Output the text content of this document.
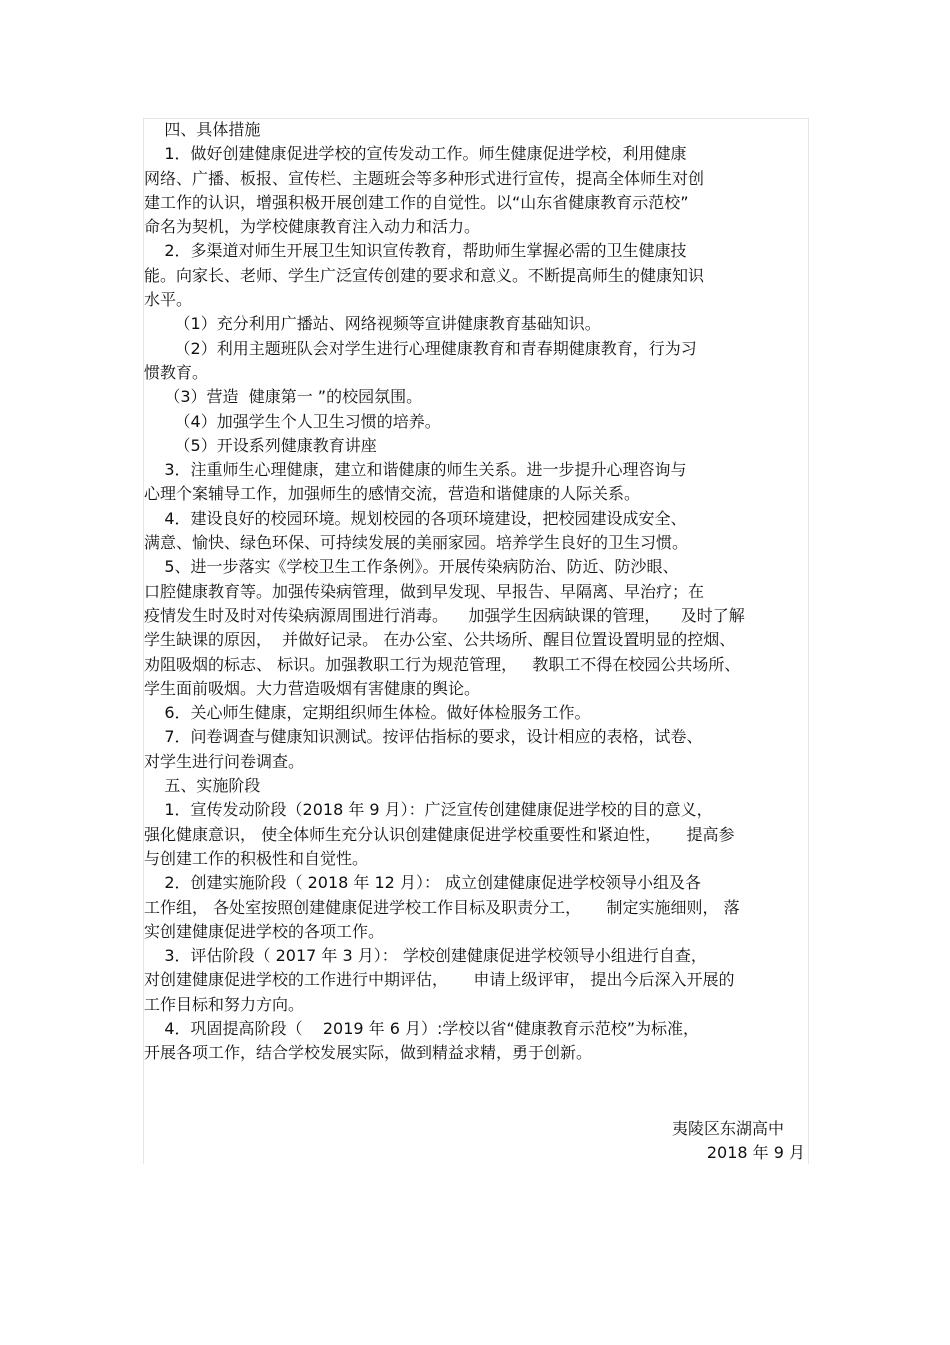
四、具体措施
1．做好创建健康促进学校的宣传发动工作。师生健康促进学校，利用健康
网络、广播、板报、宣传栏、主题班会等多种形式进行宣传，提高全体师生对创
建工作的认识，增强积极开展创建工作的自觉性。以“山东省健康教育示范校”
命名为契机，为学校健康教育注入动力和活力。
2．多渠道对师生开展卫生知识宣传教育，帮助师生掌握必需的卫生健康技
能。向家长、老师、学生广泛宣传创建的要求和意义。不断提高师生的健康知识
水平。
（1）充分利用广播站、网络视频等宣讲健康教育基础知识。
（2）利用主题班队会对学生进行心理健康教育和青春期健康教育，行为习
惯教育。
（3）营造  健康第一 ”的校园氛围。
（4）加强学生个人卫生习惯的培养。
（5）开设系列健康教育讲座
3．注重师生心理健康，建立和谐健康的师生关系。进一步提升心理咨询与
心理个案辅导工作，加强师生的感情交流，营造和谐健康的人际关系。
4．建设良好的校园环境。规划校园的各项环境建设，把校园建设成安全、
满意、愉快、绿色环保、可持续发展的美丽家园。培养学生良好的卫生习惯。
5、进一步落实《学校卫生工作条例》。开展传染病防治、防近、防沙眼、
口腔健康教育等。加强传染病管理，做到早发现、早报告、早隔离、早治疗；在
疫情发生时及时对传染病源周围进行消毒。    加强学生因病缺课的管理，    及时了解
学生缺课的原因，  并做好记录。 在办公室、公共场所、醒目位置设置明显的控烟、
劝阻吸烟的标志、 标识。加强教职工行为规范管理，   教职工不得在校园公共场所、
学生面前吸烟。大力营造吸烟有害健康的舆论。
6．关心师生健康，定期组织师生体检。做好体检服务工作。
7．问卷调查与健康知识测试。按评估指标的要求，设计相应的表格，试卷、
对学生进行问卷调查。
五、实施阶段
1．宣传发动阶段（2018 年 9 月）：广泛宣传创建健康促进学校的目的意义，
强化健康意识， 使全体师生充分认识创建健康促进学校重要性和紧迫性，     提高参
与创建工作的积极性和自觉性。
2．创建实施阶段（ 2018 年 12 月）： 成立创建健康促进学校领导小组及各
工作组， 各处室按照创建健康促进学校工作目标及职责分工，     制定实施细则， 落
实创建健康促进学校的各项工作。
3．评估阶段（ 2017 年 3 月）： 学校创建健康促进学校领导小组进行自查，
对创建健康促进学校的工作进行中期评估，     申请上级评审， 提出今后深入开展的
工作目标和努力方向。
4．巩固提高阶段（    2019 年 6 月）:学校以省“健康教育示范校”为标准，
开展各项工作，结合学校发展实际，做到精益求精，勇于创新。
夷陵区东湖高中
2018 年 9 月
